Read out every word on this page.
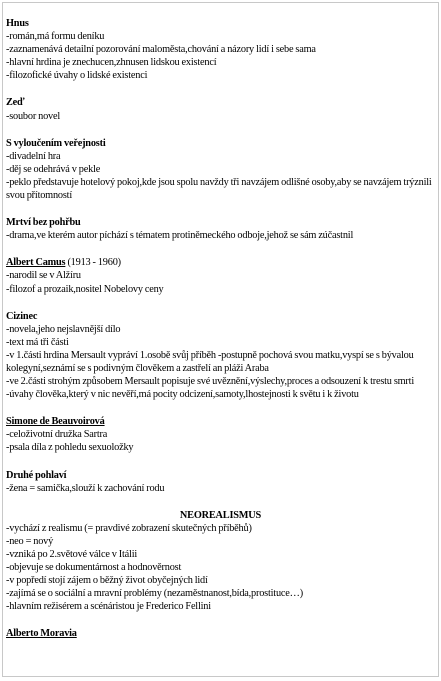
Hnus
-román,má formu deníku
-zaznamenává detailní pozorování maloměsta,chování a názory lidí i sebe sama
-hlavní hrdina je znechucen,zhnusen lidskou existencí
-filozofické úvahy o lidské existenci
Zeď
-soubor novel
S vyloučením veřejnosti
-divadelní hra
-děj se odehrává v pekle
-peklo představuje hotelový pokoj,kde jsou spolu navždy tři navzájem odlišné osoby,aby se navzájem trýznili svou přítomností
Mrtví bez pohřbu
-drama,ve kterém autor píchází s tématem protiněmeckého odboje,jehož se sám zúčastnil
Albert Camus (1913 - 1960)
-narodil se v Alžíru
-filozof a prozaik,nositel Nobelovy ceny
Cizinec
-novela,jeho nejslavnější dílo
-text má tři části
-v 1.části hrdina Mersault vypráví 1.osobě svůj příběh -postupně pochová svou matku,vyspí se s bývalou kolegyní,seznámí se s podivným člověkem a zastřelí an pláži Araba
-ve 2.části strohým způsobem Mersault popisuje své uvěznění,výslechy,proces a odsouzení k trestu smrti
-úvahy člověka,který v nic nevěří,má pocity odcizení,samoty,lhostejnosti k světu i k životu
Simone de Beauvoirová
-celoživotní družka Sartra
-psala díla z pohledu sexuoložky
Druhé pohlaví
-žena = samička,slouží k zachování rodu
NEOREALISMUS
-vychází z realismu (= pravdivé zobrazení skutečných příběhů)
-neo = nový
-vzniká po 2.světové válce v Itálii
-objevuje se dokumentárnost a hodnověrnost
-v popředí stojí zájem o běžný život obyčejných lidí
-zajímá se o sociální a mravní problémy (nezaměstnanost,bída,prostituce…)
-hlavním režisérem a scénáristou je Frederico Fellini
Alberto Moravia
